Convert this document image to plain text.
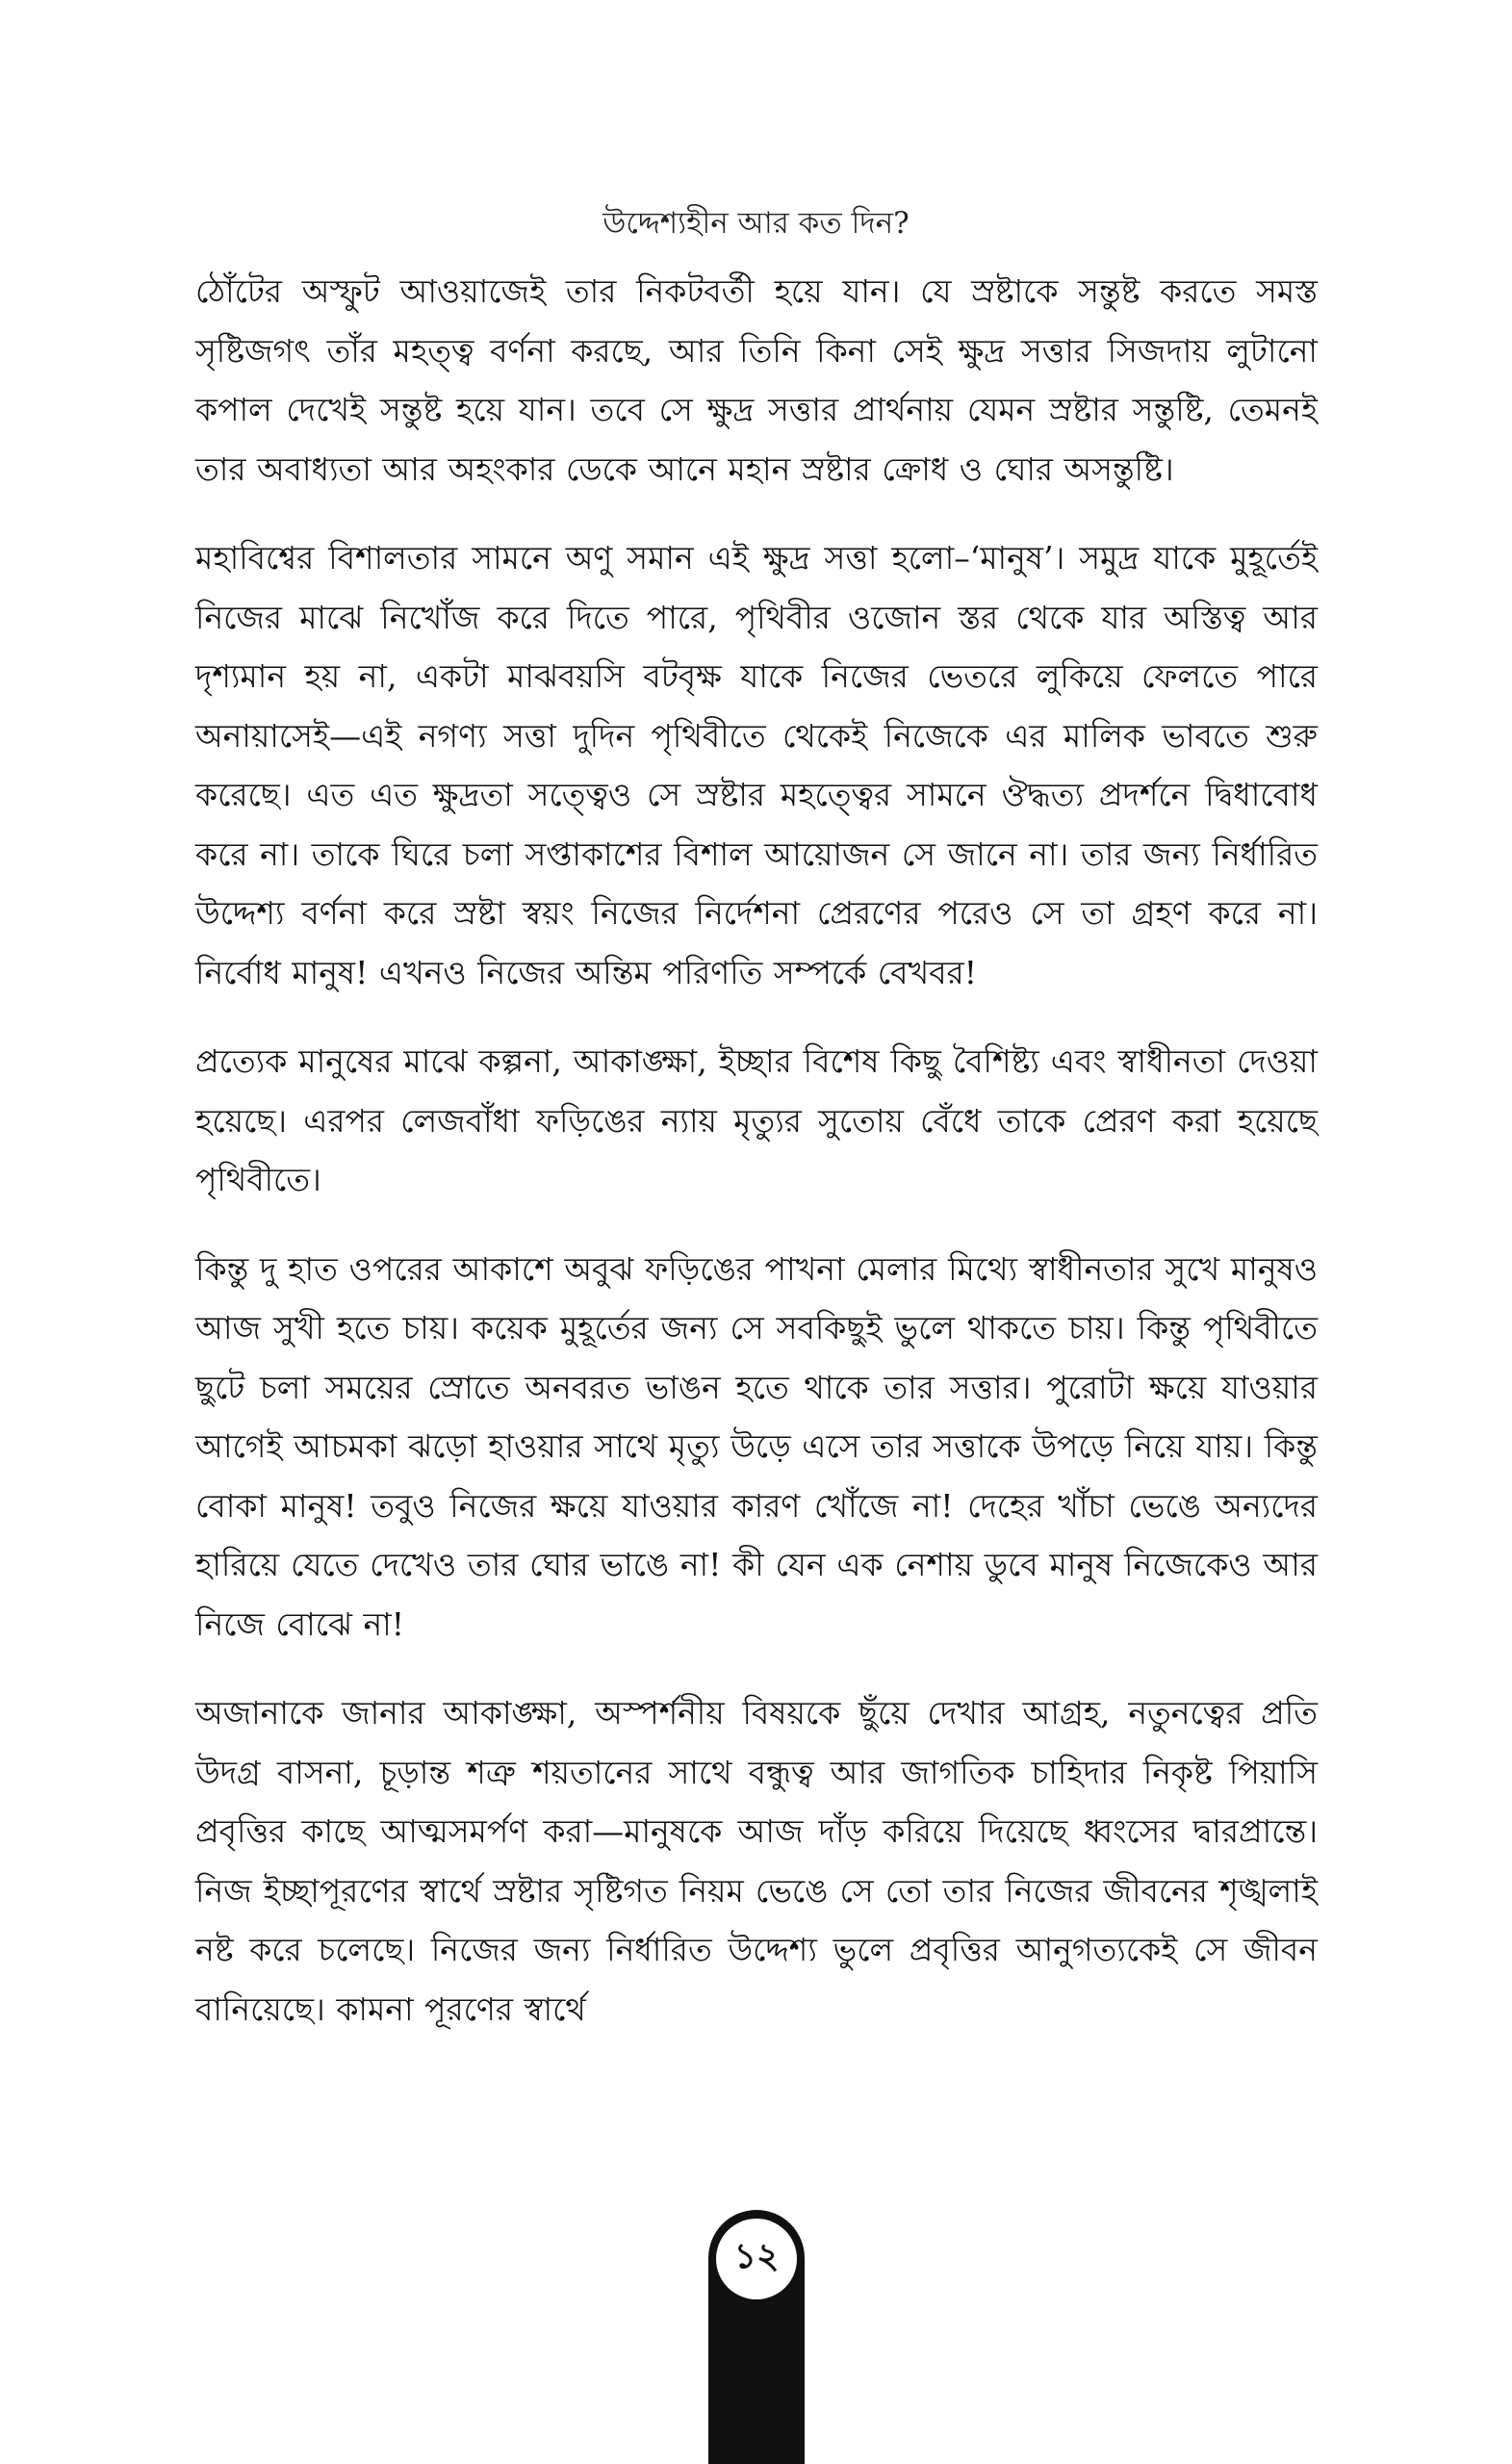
উদ্দেশ্যহীন আর কত দিন?

ঠোঁটের অস্ফুট আওয়াজেই তার নিকটবর্তী হয়ে যান। যে স্রষ্টাকে সন্তুষ্ট করতে সমস্ত সৃষ্টিজগৎ তাঁর মহত্ত্ব বর্ণনা করছে, আর তিনি কিনা সেই ক্ষুদ্র সত্তার সিজদায় লুটানো কপাল দেখেই সন্তুষ্ট হয়ে যান। তবে সে ক্ষুদ্র সত্তার প্রার্থনায় যেমন স্রষ্টার সন্তুষ্টি, তেমনই তার অবাধ্যতা আর অহংকার ডেকে আনে মহান স্রষ্টার ক্রোধ ও ঘোর অসন্তুষ্টি।

মহাবিশ্বের বিশালতার সামনে অণু সমান এই ক্ষুদ্র সত্তা হলো–‘মানুষ’। সমুদ্র যাকে মুহূর্তেই নিজের মাঝে নিখোঁজ করে দিতে পারে, পৃথিবীর ওজোন স্তর থেকে যার অস্তিত্ব আর দৃশ্যমান হয় না, একটা মাঝবয়সি বটবৃক্ষ যাকে নিজের ভেতরে লুকিয়ে ফেলতে পারে অনায়াসেই—এই নগণ্য সত্তা দুদিন পৃথিবীতে থেকেই নিজেকে এর মালিক ভাবতে শুরু করেছে। এত এত ক্ষুদ্রতা সত্ত্বেও সে স্রষ্টার মহত্ত্বের সামনে ঔদ্ধত্য প্রদর্শনে দ্বিধাবোধ করে না। তাকে ঘিরে চলা সপ্তাকাশের বিশাল আয়োজন সে জানে না। তার জন্য নির্ধারিত উদ্দেশ্য বর্ণনা করে স্রষ্টা স্বয়ং নিজের নির্দেশনা প্রেরণের পরেও সে তা গ্রহণ করে না। নির্বোধ মানুষ! এখনও নিজের অন্তিম পরিণতি সম্পর্কে বেখবর!

প্রত্যেক মানুষের মাঝে কল্পনা, আকাঙ্ক্ষা, ইচ্ছার বিশেষ কিছু বৈশিষ্ট্য এবং স্বাধীনতা দেওয়া হয়েছে। এরপর লেজবাঁধা ফড়িঙের ন্যায় মৃত্যুর সুতোয় বেঁধে তাকে প্রেরণ করা হয়েছে পৃথিবীতে।

কিন্তু দু হাত ওপরের আকাশে অবুঝ ফড়িঙের পাখনা মেলার মিথ্যে স্বাধীনতার সুখে মানুষও আজ সুখী হতে চায়। কয়েক মুহূর্তের জন্য সে সবকিছুই ভুলে থাকতে চায়। কিন্তু পৃথিবীতে ছুটে চলা সময়ের স্রোতে অনবরত ভাঙন হতে থাকে তার সত্তার। পুরোটা ক্ষয়ে যাওয়ার আগেই আচমকা ঝড়ো হাওয়ার সাথে মৃত্যু উড়ে এসে তার সত্তাকে উপড়ে নিয়ে যায়। কিন্তু বোকা মানুষ! তবুও নিজের ক্ষয়ে যাওয়ার কারণ খোঁজে না! দেহের খাঁচা ভেঙে অন্যদের হারিয়ে যেতে দেখেও তার ঘোর ভাঙে না! কী যেন এক নেশায় ডুবে মানুষ নিজেকেও আর নিজে বোঝে না!

অজানাকে জানার আকাঙ্ক্ষা, অস্পর্শনীয় বিষয়কে ছুঁয়ে দেখার আগ্রহ, নতুনত্বের প্রতি উদগ্র বাসনা, চূড়ান্ত শত্রু শয়তানের সাথে বন্ধুত্ব আর জাগতিক চাহিদার নিকৃষ্ট পিয়াসি প্রবৃত্তির কাছে আত্মসমর্পণ করা—মানুষকে আজ দাঁড় করিয়ে দিয়েছে ধ্বংসের দ্বারপ্রান্তে। নিজ ইচ্ছাপূরণের স্বার্থে স্রষ্টার সৃষ্টিগত নিয়ম ভেঙে সে তো তার নিজের জীবনের শৃঙ্খলাই নষ্ট করে চলেছে। নিজের জন্য নির্ধারিত উদ্দেশ্য ভুলে প্রবৃত্তির আনুগত্যকেই সে জীবন বানিয়েছে। কামনা পূরণের স্বার্থে

১২
